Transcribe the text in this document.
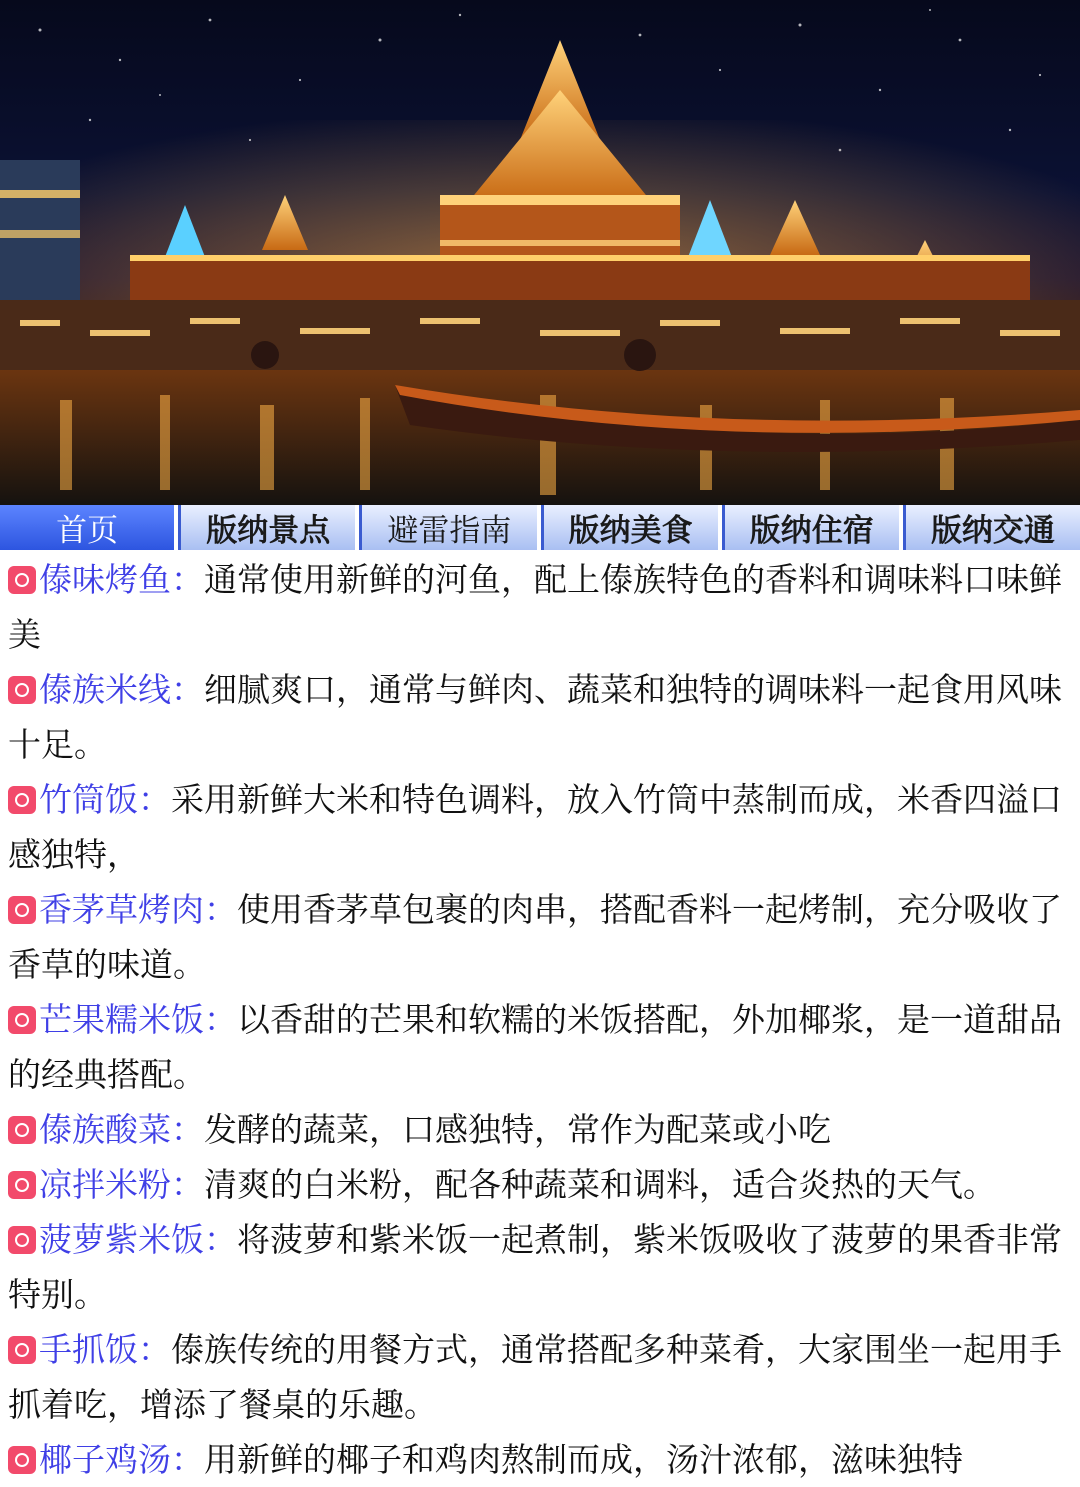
首页	版纳景点	避雷指南	版纳美食	版纳住宿	版纳交通

傣味烤鱼：通常使用新鲜的河鱼，配上傣族特色的香料和调味料口味鲜美

傣族米线：细腻爽口，通常与鲜肉、蔬菜和独特的调味料一起食用风味十足。

竹筒饭：采用新鲜大米和特色调料，放入竹筒中蒸制而成，米香四溢口感独特，

香茅草烤肉：使用香茅草包裹的肉串，搭配香料一起烤制，充分吸收了香草的味道。

芒果糯米饭：以香甜的芒果和软糯的米饭搭配，外加椰浆，是一道甜品的经典搭配。

傣族酸菜：发酵的蔬菜，口感独特，常作为配菜或小吃

凉拌米粉：清爽的白米粉，配各种蔬菜和调料，适合炎热的天气。

菠萝紫米饭：将菠萝和紫米饭一起煮制，紫米饭吸收了菠萝的果香非常特别。

手抓饭：傣族传统的用餐方式，通常搭配多种菜肴，大家围坐一起用手抓着吃，增添了餐桌的乐趣。

椰子鸡汤：用新鲜的椰子和鸡肉熬制而成，汤汁浓郁，滋味独特
